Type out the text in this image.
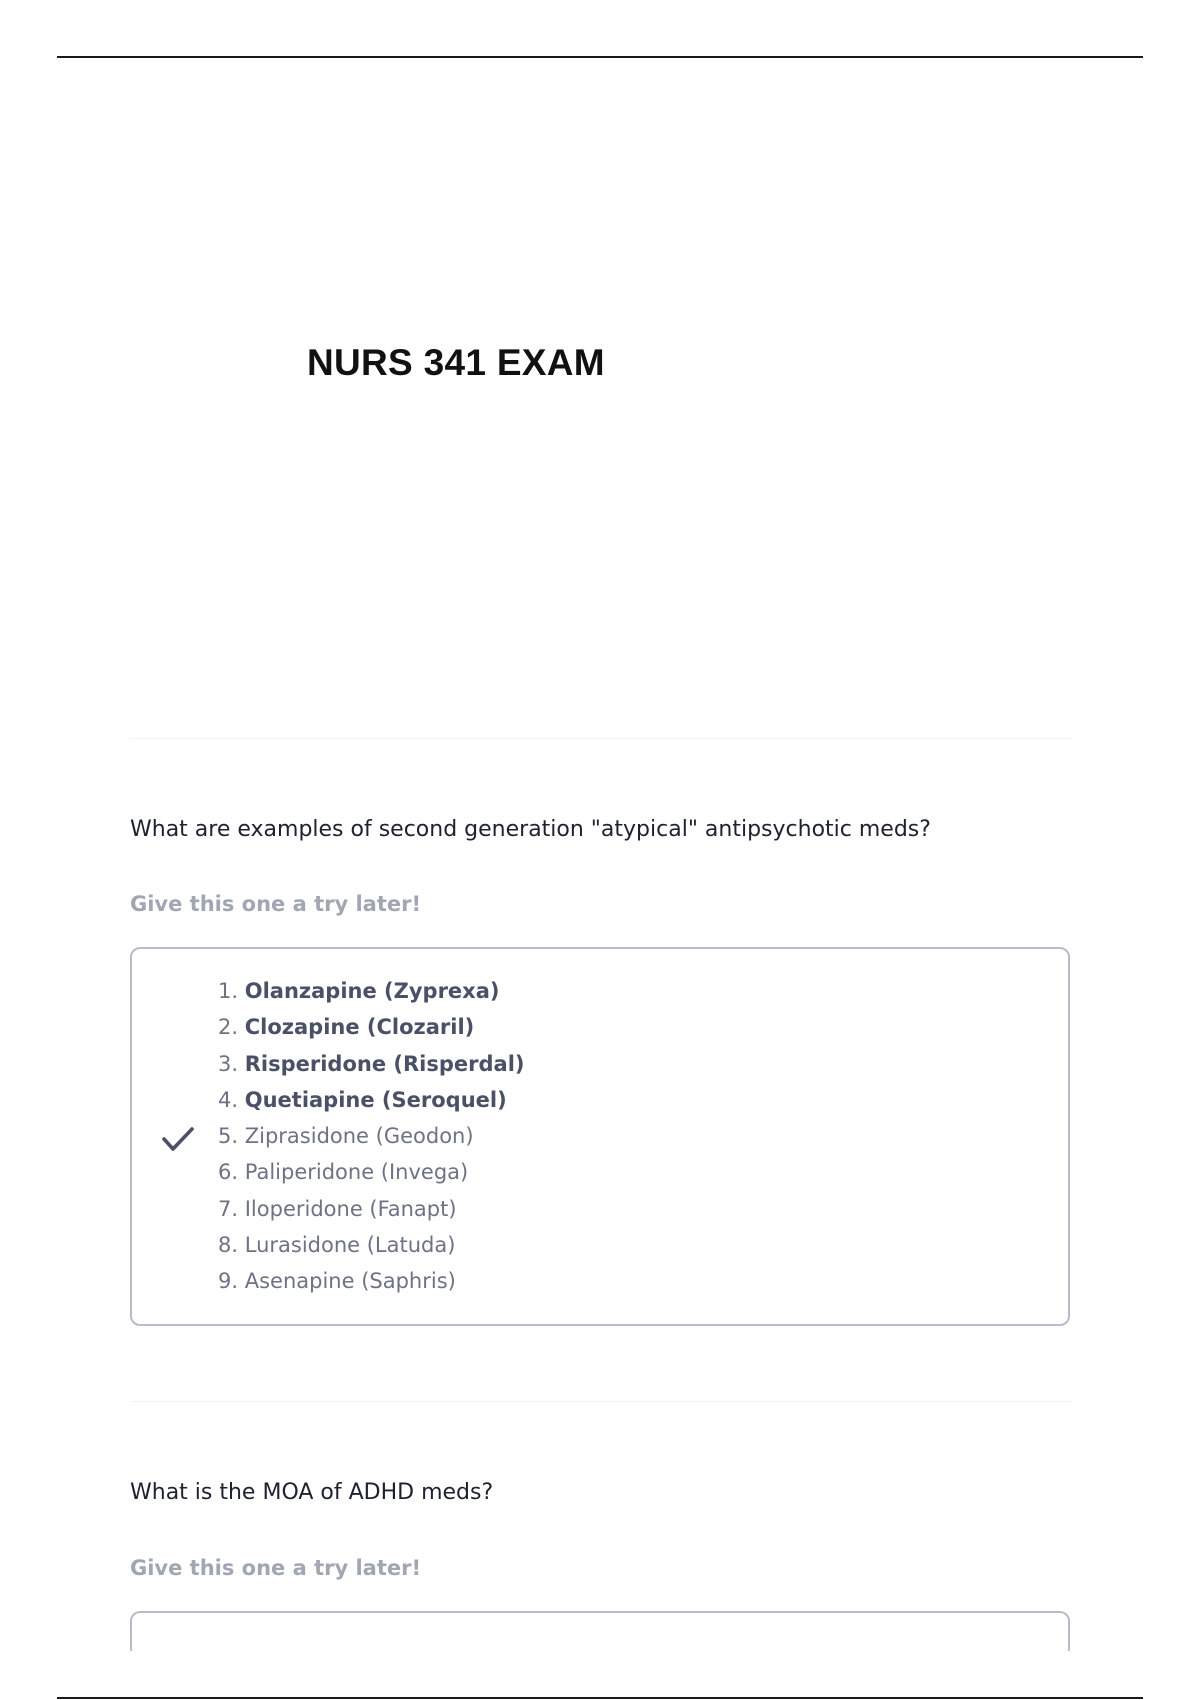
NURS 341 EXAM

What are examples of second generation "atypical" antipsychotic meds?

Give this one a try later!

1. Olanzapine (Zyprexa)
2. Clozapine (Clozaril)
3. Risperidone (Risperdal)
4. Quetiapine (Seroquel)
5. Ziprasidone (Geodon)
6. Paliperidone (Invega)
7. Iloperidone (Fanapt)
8. Lurasidone (Latuda)
9. Asenapine (Saphris)

What is the MOA of ADHD meds?

Give this one a try later!
